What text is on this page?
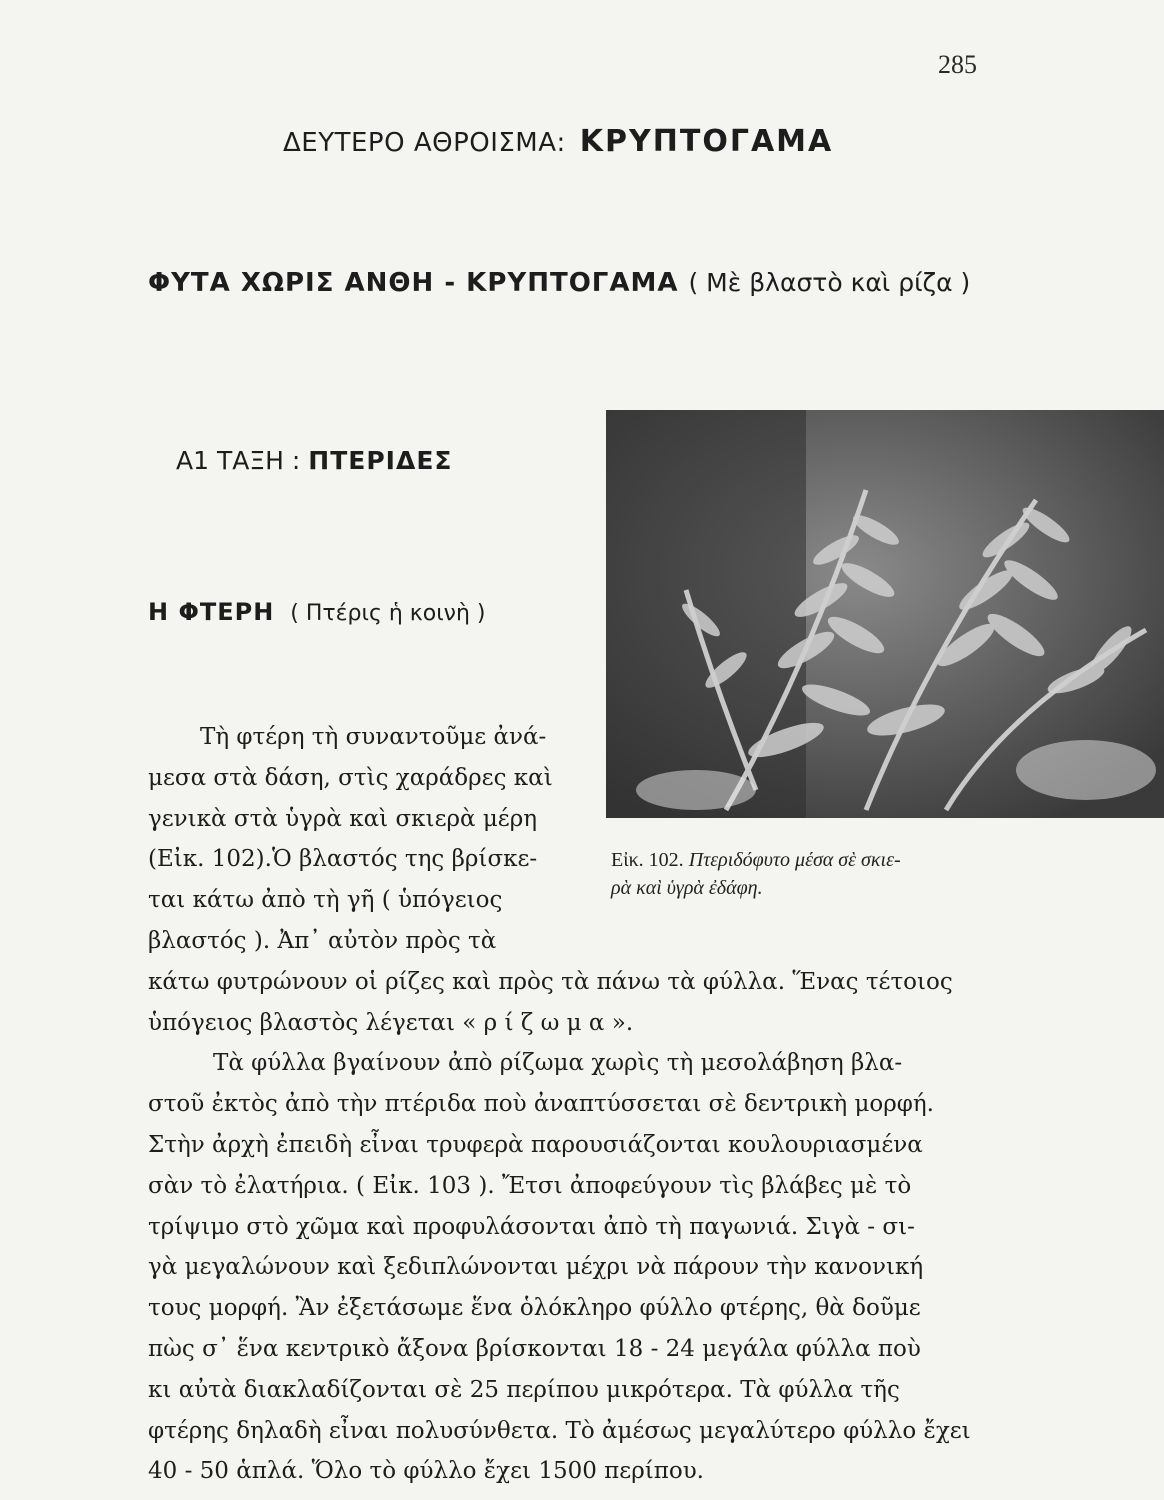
285
ΔΕΥΤΕΡΟ ΑΘΡΟΙΣΜΑ: ΚΡΥΠΤΟΓΑΜΑ
ΦΥΤΑ ΧΩΡΙΣ ΑΝΘΗ - ΚΡΥΠΤΟΓΑΜΑ ( Μὲ βλαστὸ καὶ ρίζα )
Α1 ΤΑΞΗ : ΠΤΕΡΙΔΕΣ
Η ΦΤΕΡΗ ( Πτέρις ἡ κοινὴ )
Εἰκ. 102. Πτεριδόφυτο μέσα σὲ σκιε-
ρὰ καὶ ὑγρὰ ἐδάφη.
Τὴ φτέρη τὴ συναντοῦμε ἀνά-
μεσα στὰ δάση, στὶς χαράδρες καὶ
γενικὰ στὰ ὑγρὰ καὶ σκιερὰ μέρη
(Εἰκ. 102).Ὁ βλαστός της βρίσκε-
ται κάτω ἀπὸ τὴ γῆ ( ὑπόγειος
βλαστός ). Ἀπ᾽ αὐτὸν πρὸς τὰ
κάτω φυτρώνουν οἱ ρίζες καὶ πρὸς τὰ πάνω τὰ φύλλα. Ἕνας τέτοιος
ὑπόγειος βλαστὸς λέγεται « ρ ί ζ ω μ α ».
Τὰ φύλλα βγαίνουν ἀπὸ ρίζωμα χωρὶς τὴ μεσολάβηση βλα-
στοῦ ἐκτὸς ἀπὸ τὴν πτέριδα ποὺ ἀναπτύσσεται σὲ δεντρικὴ μορφή.
Στὴν ἀρχὴ ἐπειδὴ εἶναι τρυφερὰ παρουσιάζονται κουλουριασμένα
σὰν τὸ ἐλατήρια. ( Εἰκ. 103 ). Ἔτσι ἀποφεύγουν τὶς βλάβες μὲ τὸ
τρίψιμο στὸ χῶμα καὶ προφυλάσονται ἀπὸ τὴ παγωνιά. Σιγὰ - σι-
γὰ μεγαλώνουν καὶ ξεδιπλώνονται μέχρι νὰ πάρουν τὴν κανονική
τους μορφή. Ἂν ἐξετάσωμε ἕνα ὁλόκληρο φύλλο φτέρης, θὰ δοῦμε
πὼς σ᾽ ἕνα κεντρικὸ ἄξονα βρίσκονται 18 - 24 μεγάλα φύλλα ποὺ
κι αὐτὰ διακλαδίζονται σὲ 25 περίπου μικρότερα. Τὰ φύλλα τῆς
φτέρης δηλαδὴ εἶναι πολυσύνθετα. Τὸ ἀμέσως μεγαλύτερο φύλλο ἔχει
40 - 50 ἁπλά. Ὅλο τὸ φύλλο ἔχει 1500 περίπου.
